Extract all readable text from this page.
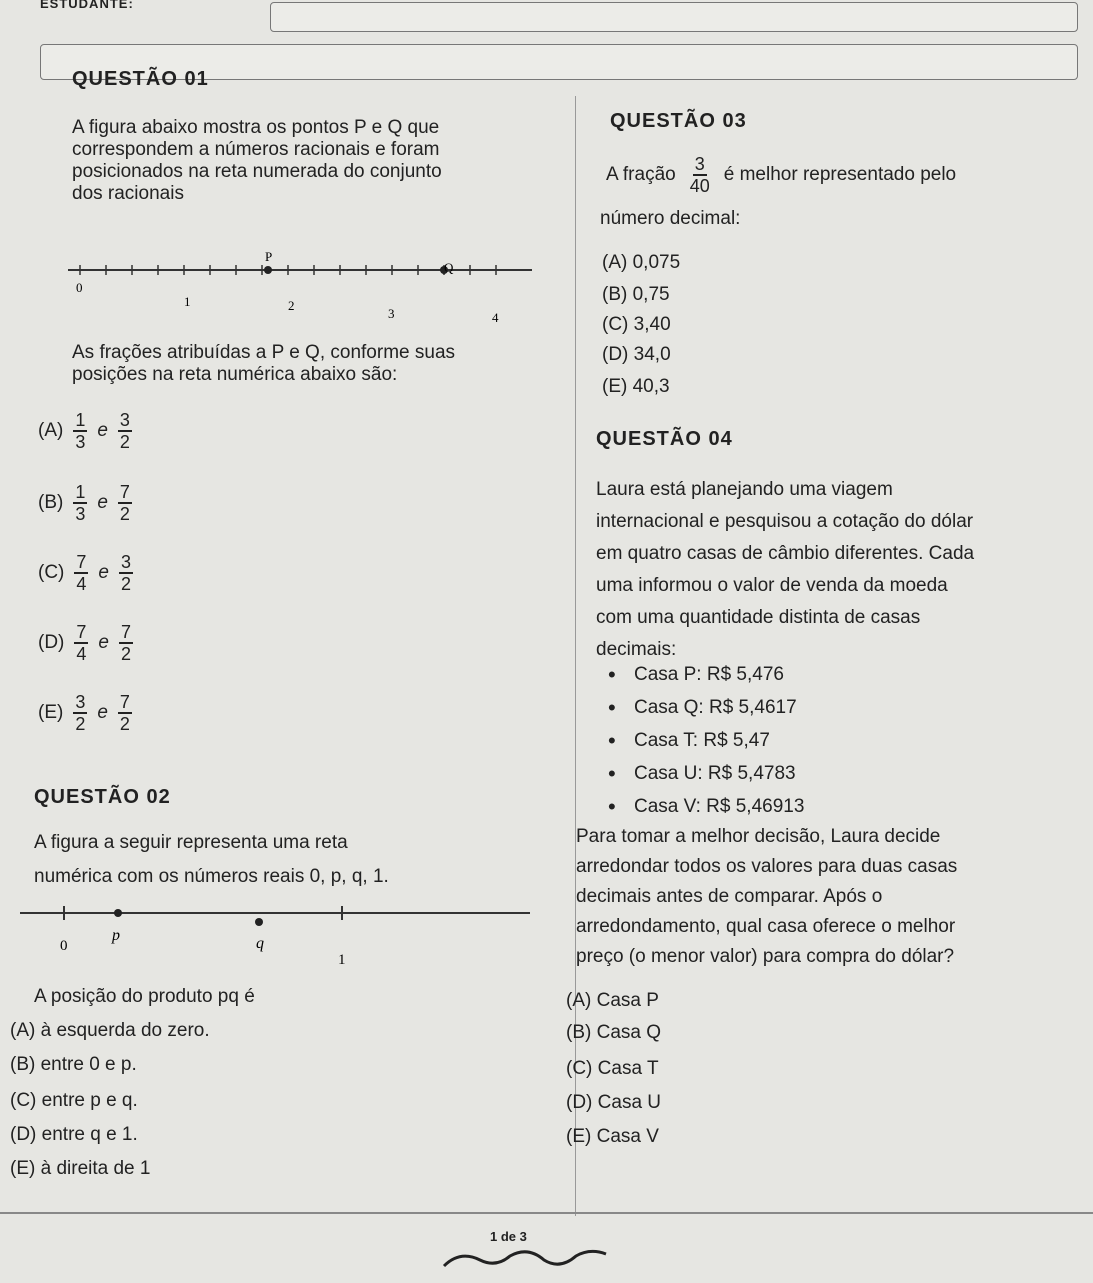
ESTUDANTE:
QUESTÃO 01
A figura abaixo mostra os pontos P e Q que
correspondem a números racionais e foram
posicionados na reta numerada do conjunto
dos racionais
P
Q
0
1	2
3	4
As frações atribuídas a P e Q, conforme suas
posições na reta numérica abaixo são:
$(A) \frac{1}{3}$ e $\frac{3}{2}$
$(B) \frac{1}{3}$ e $\frac{7}{2}$
$(C) \frac{7}{4}$ e $\frac{3}{2}$
$(D) \frac{7}{4}$ e $\frac{7}{2}$
$(E) \frac{3}{2}$ e $\frac{7}{2}$
QUESTÃO 02
A figura a seguir representa uma reta
numérica com os números reais 0, p, q, 1.
0
p	q
1
A posição do produto pq é
(A) à esquerda do zero.
(B) entre 0 e p.
(C) entre p e q.
(D) entre q e 1.
(E) à direita de 1
QUESTÃO 03
A fração $\frac{3}{40}$ é melhor representado pelo
número decimal:
(A) 0,075
(B) 0,75
(C) 3,40
(D) 34,0
(E) 40,3
QUESTÃO 04
Laura está planejando uma viagem
internacional e pesquisou a cotação do dólar
em quatro casas de câmbio diferentes. Cada
uma informou o valor de venda da moeda
com uma quantidade distinta de casas
decimais:
• Casa P: R$ 5,476
• Casa Q: R$ 5,4617
• Casa T: R$ 5,47
• Casa U: R$ 5,4783
• Casa V: R$ 5,46913
Para tomar a melhor decisão, Laura decide
arredondar todos os valores para duas casas
decimais antes de comparar. Após o
arredondamento, qual casa oferece o melhor
preço (o menor valor) para compra do dólar?
(A) Casa P
(B) Casa Q
(C) Casa T
(D) Casa U
(E) Casa V
1 de 3
